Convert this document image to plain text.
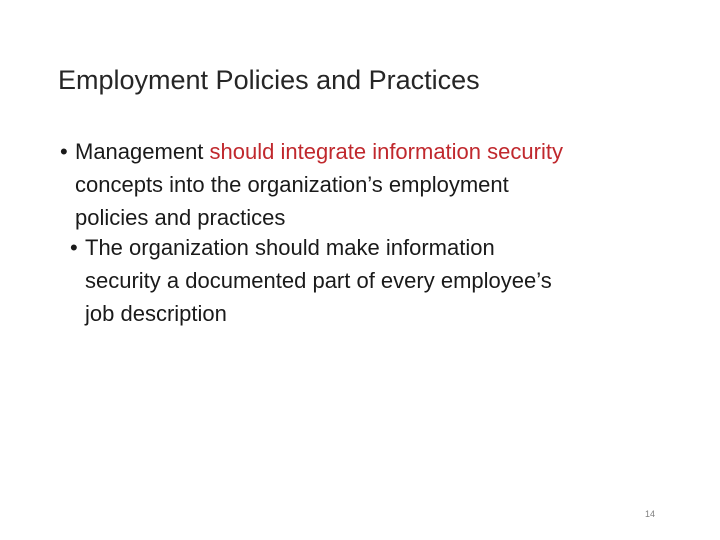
Employment Policies and Practices
• Management should integrate information security
concepts into the organization’s employment
policies and practices
• The organization should make information
security a documented part of every employee’s
job description
14
